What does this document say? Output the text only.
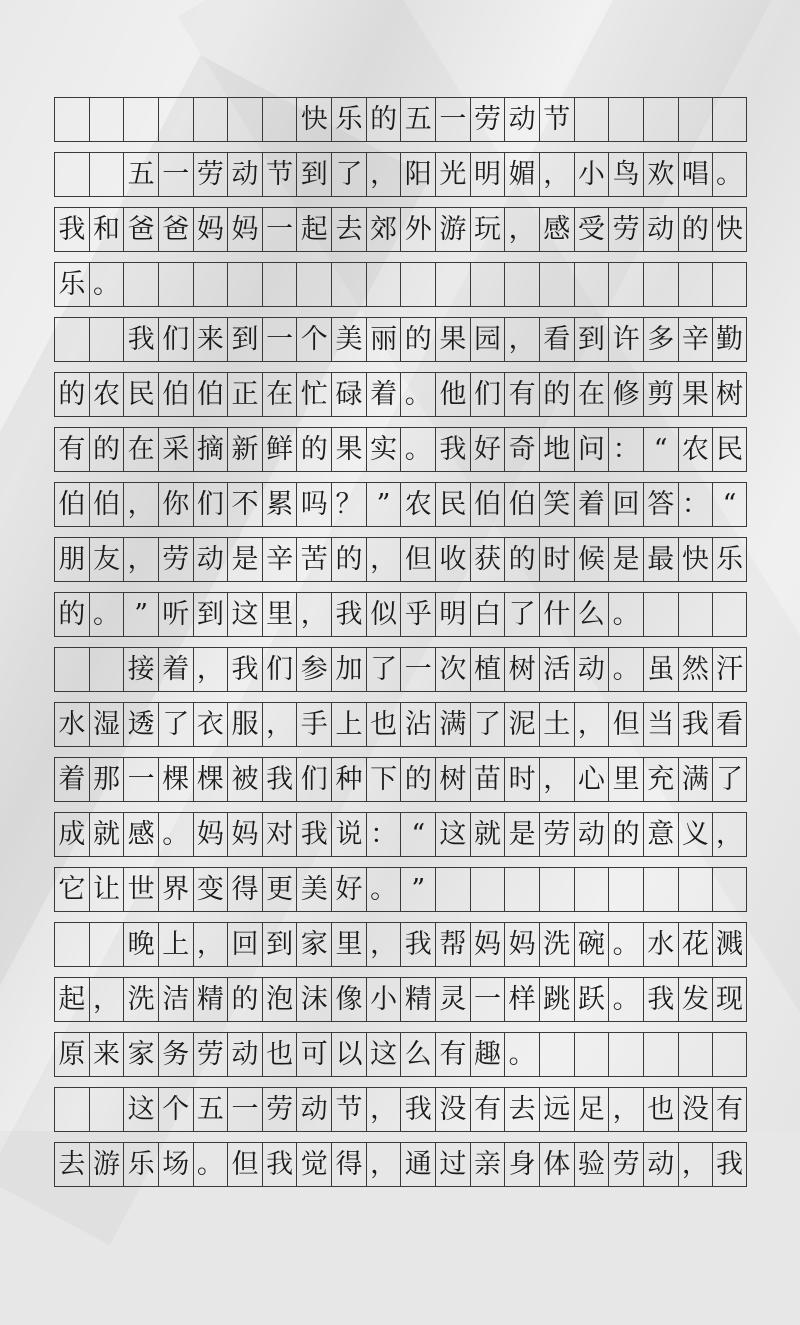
快 乐 的 五 一 劳 动 节
五 一 劳 动 节 到 了 ， 阳 光 明 媚 ， 小 鸟 欢 唱 。
我 和 爸 爸 妈 妈 一 起 去 郊 外 游 玩 ， 感 受 劳 动 的 快
乐 。
我 们 来 到 一 个 美 丽 的 果 园 ， 看 到 许 多 辛 勤
的 农 民 伯 伯 正 在 忙 碌 着 。 他 们 有 的 在 修 剪 果 树
有 的 在 采 摘 新 鲜 的 果 实 。 我 好 奇 地 问 ： “ 农 民
伯 伯 ， 你 们 不 累 吗 ？ ” 农 民 伯 伯 笑 着 回 答 ： “
朋 友 ， 劳 动 是 辛 苦 的 ， 但 收 获 的 时 候 是 最 快 乐
的 。 ” 听 到 这 里 ， 我 似 乎 明 白 了 什 么 。
接 着 ， 我 们 参 加 了 一 次 植 树 活 动 。 虽 然 汗
水 湿 透 了 衣 服 ， 手 上 也 沾 满 了 泥 土 ， 但 当 我 看
着 那 一 棵 棵 被 我 们 种 下 的 树 苗 时 ， 心 里 充 满 了
成 就 感 。 妈 妈 对 我 说 ： “ 这 就 是 劳 动 的 意 义 ，
它 让 世 界 变 得 更 美 好 。 ”
晚 上 ， 回 到 家 里 ， 我 帮 妈 妈 洗 碗 。 水 花 溅
起 ， 洗 洁 精 的 泡 沫 像 小 精 灵 一 样 跳 跃 。 我 发 现
原 来 家 务 劳 动 也 可 以 这 么 有 趣 。
这 个 五 一 劳 动 节 ， 我 没 有 去 远 足 ， 也 没 有
去 游 乐 场 。 但 我 觉 得 ， 通 过 亲 身 体 验 劳 动 ， 我
